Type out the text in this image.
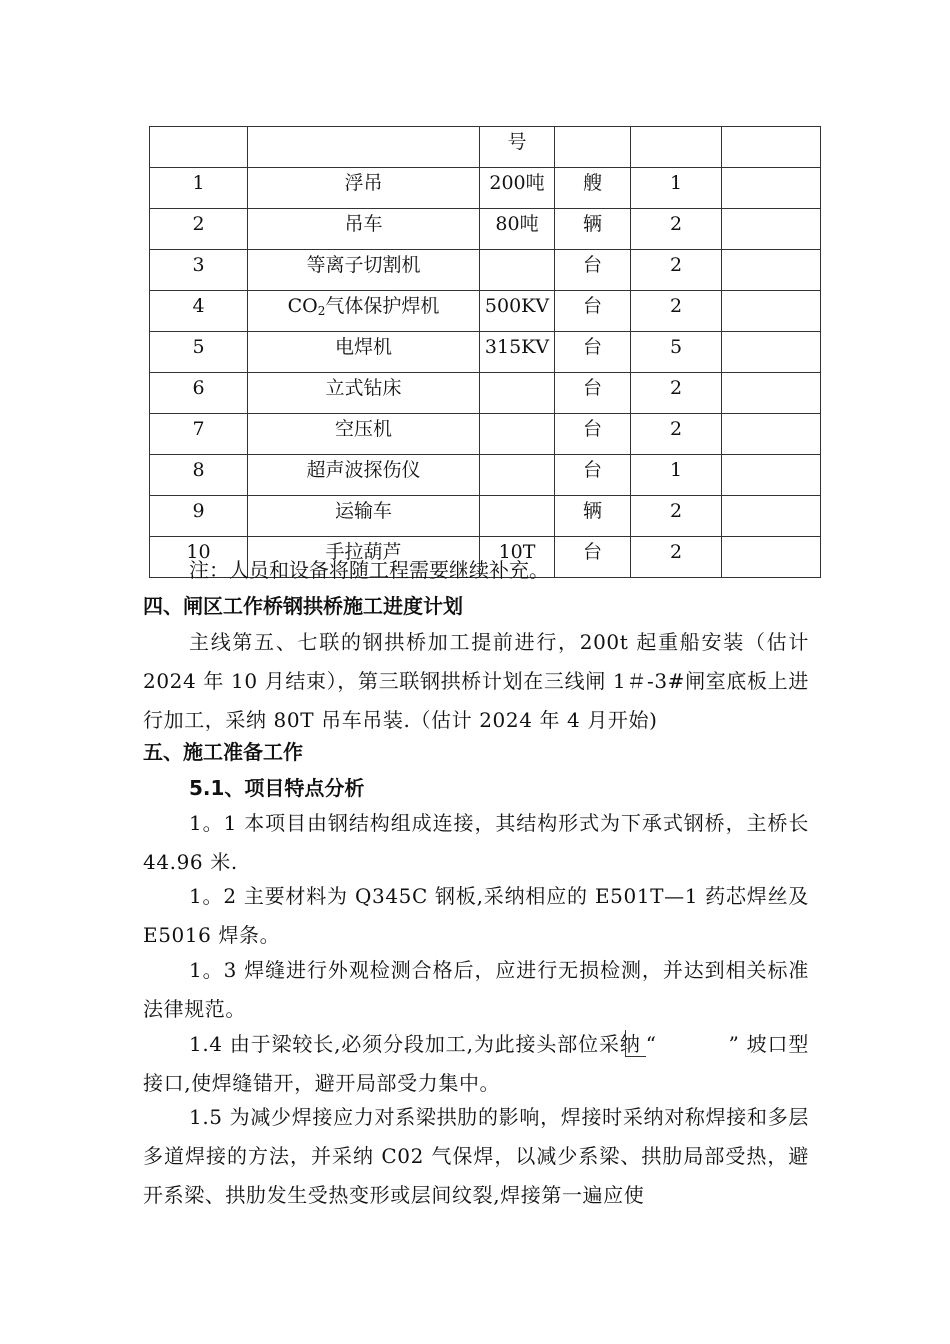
		号			
1	浮吊	200吨	艘	1	
2	吊车	80吨	辆	2	
3	等离子切割机		台	2	
4	$CO_2$气体保护焊机	500KV	台	2	
5	电焊机	315KV	台	5	
6	立式钻床		台	2	
7	空压机		台	2	
8	超声波探伤仪		台	1	
9	运输车		辆	2	
10	手拉葫芦	10T	台	2	
注：人员和设备将随工程需要继续补充。
四、闸区工作桥钢拱桥施工进度计划
主线第五、七联的钢拱桥加工提前进行，200t 起重船安装（估计 2024 年 10 月结束），第三联钢拱桥计划在三线闸 1＃-3#闸室底板上进行加工，采纳 80T 吊车吊装.（估计 2024 年 4 月开始)
五、施工准备工作
5.1、项目特点分析
1。1 本项目由钢结构组成连接，其结构形式为下承式钢桥，主桥长 44.96 米.
1。2 主要材料为 Q345C 钢板,采纳相应的 E501T—1 药芯焊丝及 E5016 焊条。
1。3 焊缝进行外观检测合格后，应进行无损检测，并达到相关标准法律规范。
1.4 由于梁较长,必须分段加工,为此接头部位采纳 “	” 坡口型接口,使焊缝错开，避开局部受力集中。
1.5 为减少焊接应力对系梁拱肋的影响，焊接时采纳对称焊接和多层多道焊接的方法，并采纳 C02 气保焊，以减少系梁、拱肋局部受热，避开系梁、拱肋发生受热变形或层间纹裂,焊接第一遍应使
